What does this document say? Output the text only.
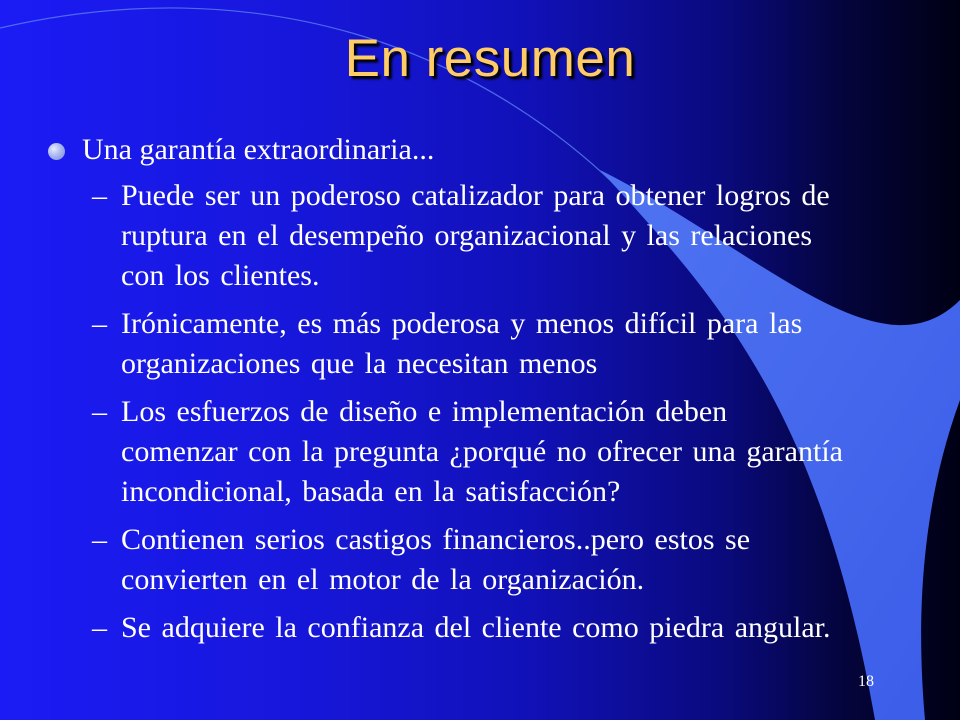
En resumen
Una garantía extraordinaria...
– Puede ser un poderoso catalizador para obtener logros de ruptura en el desempeño organizacional y las relaciones con los clientes.
– Irónicamente, es más poderosa y menos difícil para las organizaciones que la necesitan menos
– Los esfuerzos de diseño e implementación deben comenzar con la pregunta ¿porqué no ofrecer una garantía incondicional, basada en la satisfacción?
– Contienen serios castigos financieros..pero estos se convierten en el motor de la organización.
– Se adquiere la confianza del cliente como piedra angular.
18
